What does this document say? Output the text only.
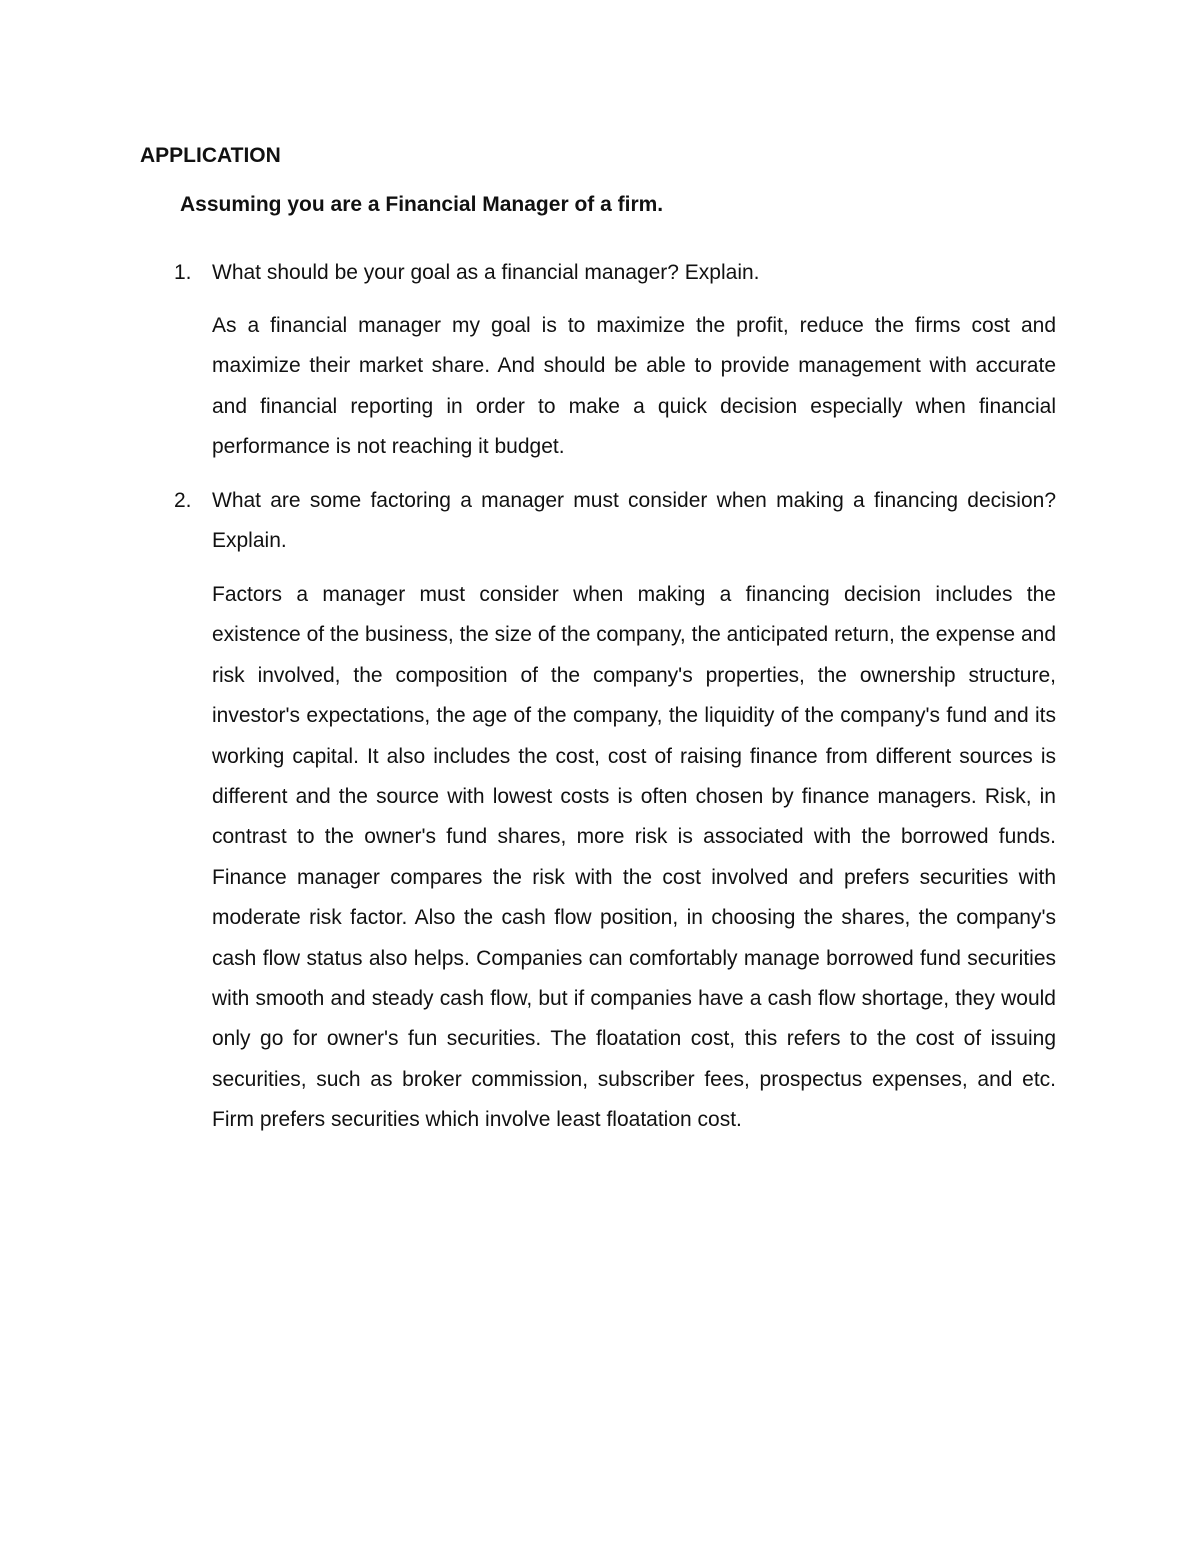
APPLICATION
Assuming you are a Financial Manager of a firm.
1. What should be your goal as a financial manager? Explain.
As a financial manager my goal is to maximize the profit, reduce the firms cost and maximize their market share. And should be able to provide management with accurate and financial reporting in order to make a quick decision especially when financial performance is not reaching it budget.
2. What are some factoring a manager must consider when making a financing decision? Explain.
Factors a manager must consider when making a financing decision includes the existence of the business, the size of the company, the anticipated return, the expense and risk involved, the composition of the company's properties, the ownership structure, investor's expectations, the age of the company, the liquidity of the company's fund and its working capital. It also includes the cost, cost of raising finance from different sources is different and the source with lowest costs is often chosen by finance managers. Risk, in contrast to the owner's fund shares, more risk is associated with the borrowed funds. Finance manager compares the risk with the cost involved and prefers securities with moderate risk factor. Also the cash flow position, in choosing the shares, the company's cash flow status also helps. Companies can comfortably manage borrowed fund securities with smooth and steady cash flow, but if companies have a cash flow shortage, they would only go for owner's fun securities. The floatation cost, this refers to the cost of issuing securities, such as broker commission, subscriber fees, prospectus expenses, and etc. Firm prefers securities which involve least floatation cost.
